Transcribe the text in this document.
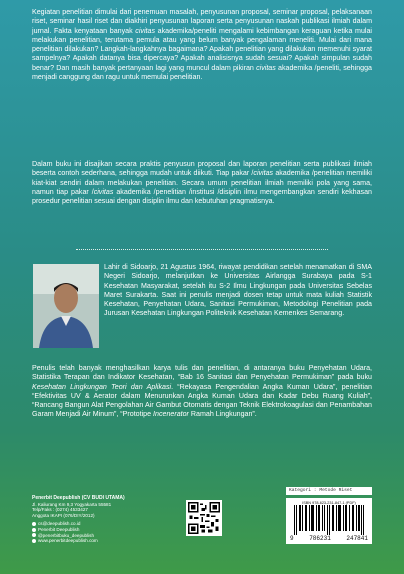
Kegiatan penelitian dimulai dari penemuan masalah, penyusunan proposal, seminar proposal, pelaksanaan riset, seminar hasil riset dan diakhiri penyusunan laporan serta penyusunan naskah publikasi ilmiah dalam jurnal. Fakta kenyataan banyak civitas akademika/peneliti mengalami kebimbangan keraguan ketika mulai melakukan penelitian, terutama pemula atau yang belum banyak pengalaman meneliti. Mulai dari mana penelitian dilakukan? Langkah-langkahnya bagaimana? Apakah penelitian yang dilakukan memenuhi syarat sampelnya? Apakah datanya bisa dipercaya? Apakah analisisnya sudah sesuai? Apakah simpulan sudah benar? Dan masih banyak pertanyaan lagi yang muncul dalam pikiran civitas akademika /peneliti, sehingga menjadi canggung dan ragu untuk memulai penelitian.

Dalam buku ini disajikan secara praktis penyusun proposal dan laporan penelitian serta publikasi ilmiah beserta contoh sederhana, sehingga mudah untuk diikuti. Tiap pakar /civitas akademika /penelitian memiliki kiat-kiat sendiri dalam melakukan penelitian. Secara umum penelitian ilmiah memiliki pola yang sama, namun tiap pakar /civitas akademika /penelitian /institusi /disiplin ilmu mengembangkan sendiri kekhasan prosedur penelitian sesuai dengan disiplin ilmu dan kebutuhan pragmatisnya.

Lahir di Sidoarjo, 21 Agustus 1964, riwayat pendidikan setelah menamatkan di SMA Negeri Sidoarjo, melanjutkan ke Universitas Airlangga Surabaya pada S-1 Kesehatan Masyarakat, setelah itu S-2 Ilmu Lingkungan pada Universitas Sebelas Maret Surakarta. Saat ini penulis menjadi dosen tetap untuk mata kuliah Statistik Kesehatan, Penyehatan Udara, Sanitasi Permukiman, Metodologi Penelitian pada Jurusan Kesehatan Lingkungan Politeknik Kesehatan Kemenkes Semarang.

Penulis telah banyak menghasilkan karya tulis dan penelitian, di antaranya buku Penyehatan Udara, Statistika Terapan dan Indikator Kesehatan, “Bab 16 Sanitasi dan Penyehatan Permukiman” pada buku Kesehatan Lingkungan Teori dan Aplikasi. “Rekayasa Pengendalian Angka Kuman Udara”, penelitian “Efektivitas UV & Aerator dalam Menurunkan Angka Kuman Udara dan Kadar Debu Ruang Kuliah”, “Rancang Bangun Alat Pengolahan Air Gambut Otomatis dengan Teknik Elektrokoagulasi dan Penambahan Garam Menjadi Air Minum”, “Prototipe Incenerator Ramah Lingkungan”.

Penerbit Deepublish (CV BUDI UTAMA)
Jl. Kaliurang Km 9,3 Yogyakarta 55581
Telp/Faks : (0274) 4533427
Anggota IKAPI (076/DIY/2012)
cs@deepublish.co.id
Penerbit Deepublish
@penerbitbuku_deepublish
www.penerbitdeepublish.com
Kategori : Metode Riset
ISBN 978-623-231-847-1 (PDF)
9	786231	247841
